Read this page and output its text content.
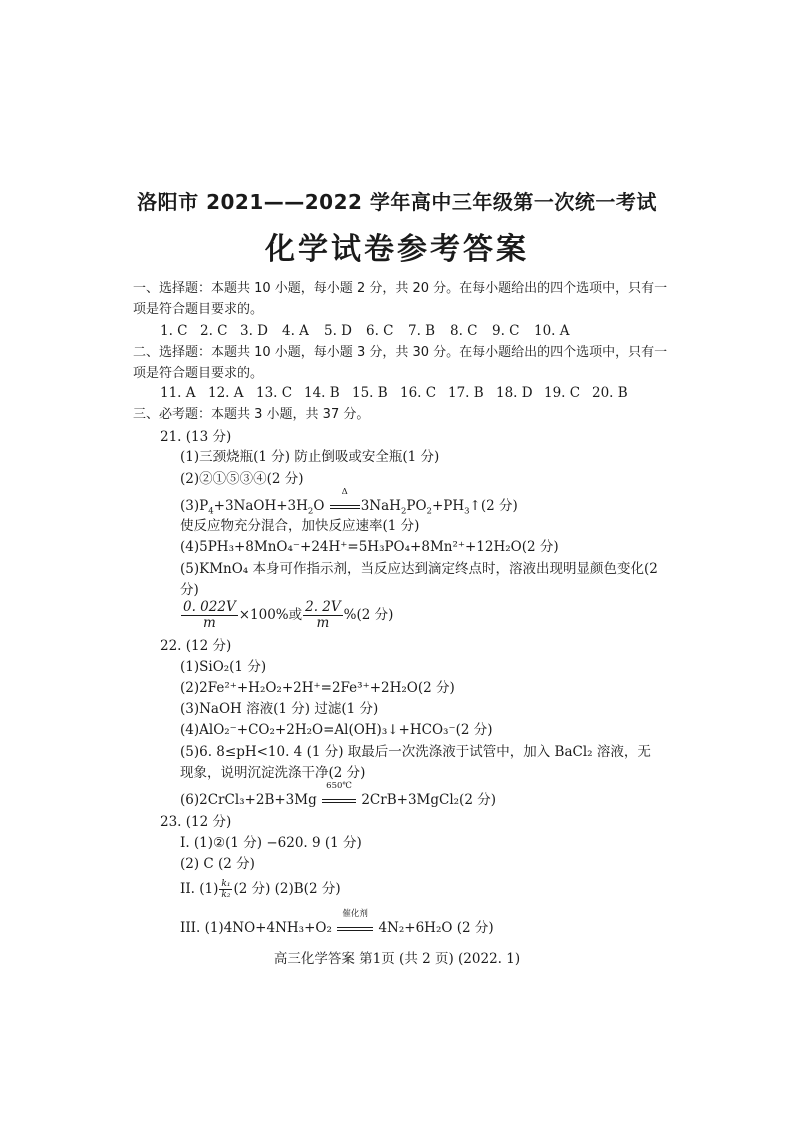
洛阳市 2021——2022 学年高中三年级第一次统一考试
化学试卷参考答案
一、选择题：本题共 10 小题，每小题 2 分，共 20 分。在每小题给出的四个选项中，只有一
项是符合题目要求的。
1. C 2. C 3. D	4. A	5. D	6. C	7. B	8. C	9. C	10. A
二、选择题：本题共 10 小题，每小题 3 分，共 30 分。在每小题给出的四个选项中，只有一
项是符合题目要求的。
11. A 12. A 13. C 14. B 15. B 16. C 17. B 18. D 19. C 20. B
三、必考题：本题共 3 小题，共 37 分。
21. (13 分)
(1)三颈烧瓶(1 分) 防止倒吸或安全瓶(1 分)
(2)②①⑤③④(2 分)
$(3)P_4+3NaOH+3H_2O$
Δ
$3NaH_2PO_2+PH_3↑(2$ 分)
使反应物充分混合，加快反应速率(1 分)
(4)5PH₃+8MnO₄⁻+24H⁺=5H₃PO₄+8Mn²⁺+12H₂O(2 分)
(5)KMnO₄ 本身可作指示剂，当反应达到滴定终点时，溶液出现明显颜色变化(2
分)
$\frac{0. 022V}{m} \times 100\%$或 $\frac{2. 2V}{m} \%(2$ 分)
22. (12 分)
(1)SiO₂(1 分)
(2)2Fe²⁺+H₂O₂+2H⁺=2Fe³⁺+2H₂O(2 分)
(3)NaOH 溶液(1 分) 过滤(1 分)
(4)AlO₂⁻+CO₂+2H₂O=Al(OH)₃↓+HCO₃⁻(2 分)
(5)6. 8≤pH<10. 4 (1 分) 取最后一次洗涤液于试管中，加入 BaCl₂ 溶液，无
现象，说明沉淀洗涤干净(2 分)
(6)2CrCl₃+2B+3Mg
650℃
2CrB+3MgCl₂(2 分)
23. (12 分)
I. (1)②(1 分) −620. 9 (1 分)
(2) C (2 分)
II. $(1) \frac{\text{k₁}}{\text{k₂}} (2$ 分) (2)B(2 分)
III. (1)4NO+4NH₃+O₂
催化剂
4N₂+6H₂O (2 分)
高三化学答案 第1页 (共 2 页) (2022. 1)
